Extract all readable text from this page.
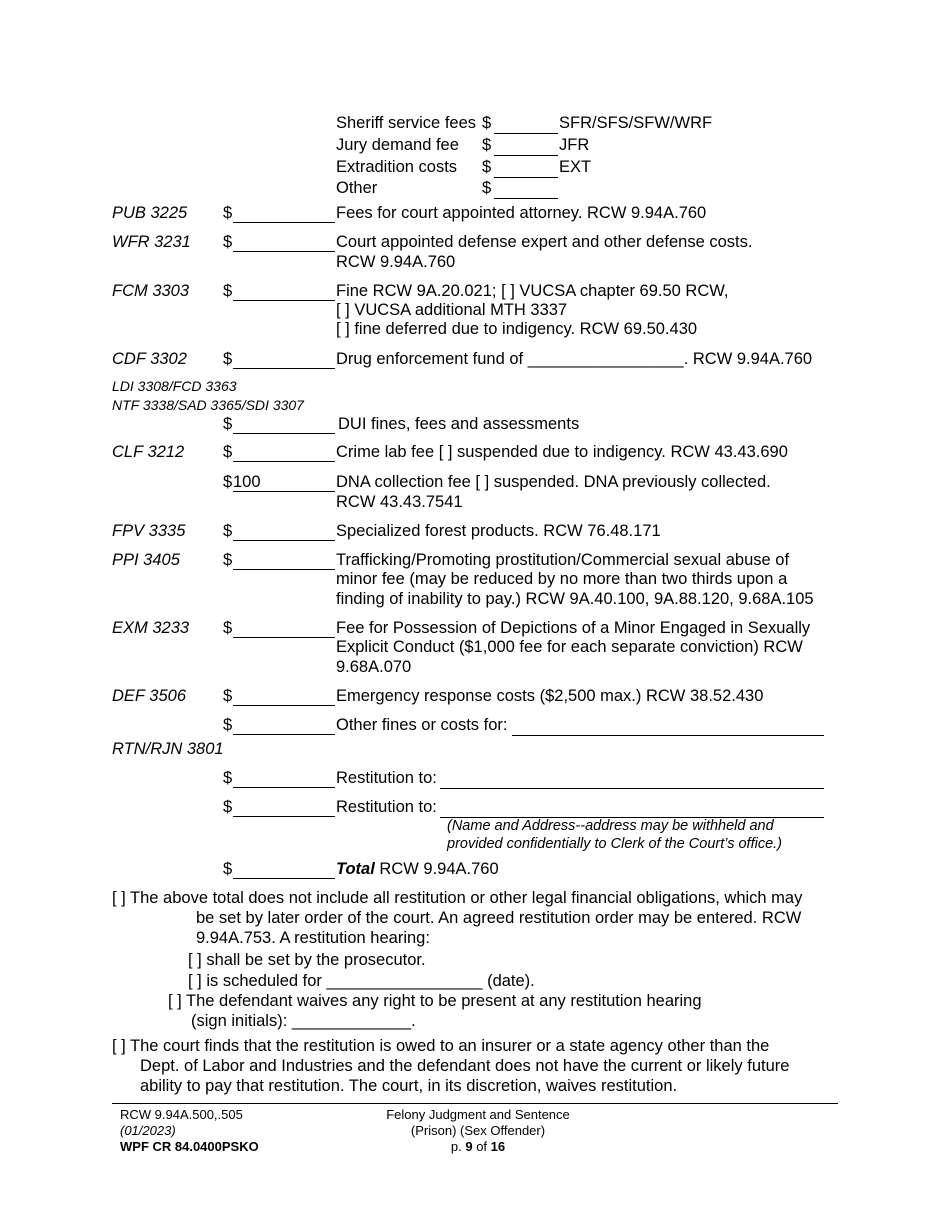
Sheriff service fees $	SFR/SFS/SFW/WRF
Jury demand fee $	JFR
Extradition costs $	EXT
Other	$
PUB 3225 $	Fees for court appointed attorney. RCW 9.94A.760
WFR 3231 $	Court appointed defense expert and other defense costs.
RCW 9.94A.760
FCM 3303 $	Fine RCW 9A.20.021; [ ] VUCSA chapter 69.50 RCW,
[ ] VUCSA additional MTH 3337
[ ] fine deferred due to indigency. RCW 69.50.430
CDF 3302 $	Drug enforcement fund of _________________. RCW 9.94A.760
LDI 3308/FCD 3363
NTF 3338/SAD 3365/SDI 3307
$	DUI fines, fees and assessments
CLF 3212 $	Crime lab fee [ ] suspended due to indigency. RCW 43.43.690
$ 100	DNA collection fee [ ] suspended. DNA previously collected.
RCW 43.43.7541
FPV 3335 $	Specialized forest products. RCW 76.48.171
PPI 3405	$	Trafficking/Promoting prostitution/Commercial sexual abuse of
minor fee (may be reduced by no more than two thirds upon a
finding of inability to pay.) RCW 9A.40.100, 9A.88.120, 9.68A.105
EXM 3233 $	Fee for Possession of Depictions of a Minor Engaged in Sexually
Explicit Conduct ($1,000 fee for each separate conviction) RCW
9.68A.070
DEF 3506 $	Emergency response costs ($2,500 max.) RCW 38.52.430
$	Other fines or costs for:
RTN/RJN 3801
$	Restitution to:
$	Restitution to:
(Name and Address--address may be withheld and
provided confidentially to Clerk of the Court’s office.)
$	Total RCW 9.94A.760
[ ] The above total does not include all restitution or other legal financial obligations, which may
be set by later order of the court. An agreed restitution order may be entered. RCW
9.94A.753. A restitution hearing:
[ ] shall be set by the prosecutor.
[ ] is scheduled for _________________ (date).
[ ] The defendant waives any right to be present at any restitution hearing
(sign initials): _____________.
[ ] The court finds that the restitution is owed to an insurer or a state agency other than the
Dept. of Labor and Industries and the defendant does not have the current or likely future
ability to pay that restitution. The court, in its discretion, waives restitution.
RCW 9.94A.500,.505
(01/2023)
WPF CR 84.0400PSKO
Felony Judgment and Sentence
(Prison) (Sex Offender)
p. 9 of 16
